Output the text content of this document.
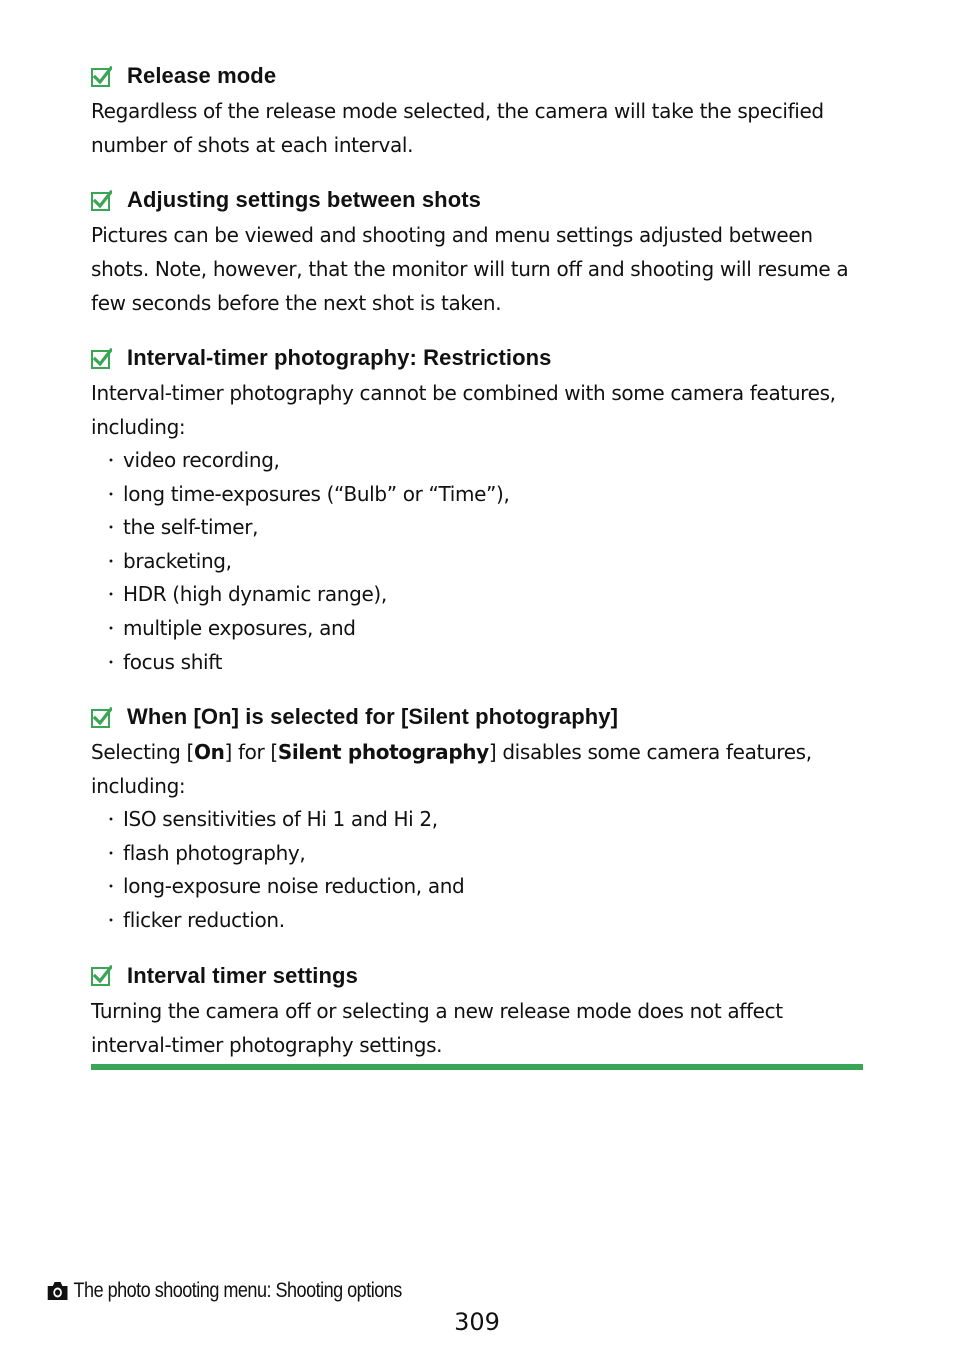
Release mode

Regardless of the release mode selected, the camera will take the specified number of shots at each interval.

Adjusting settings between shots

Pictures can be viewed and shooting and menu settings adjusted between shots. Note, however, that the monitor will turn off and shooting will resume a few seconds before the next shot is taken.

Interval-timer photography: Restrictions

Interval-timer photography cannot be combined with some camera features, including:

・ video recording,
・ long time-exposures (“Bulb” or “Time”),
・ the self-timer,
・ bracketing,
・ HDR (high dynamic range),
・ multiple exposures, and
・ focus shift
When [On] is selected for [Silent photography]

Selecting [On] for [Silent photography] disables some camera features, including:

・ ISO sensitivities of Hi 1 and Hi 2,
・ flash photography,
・ long-exposure noise reduction, and
・ flicker reduction.
Interval timer settings

Turning the camera off or selecting a new release mode does not affect interval-timer photography settings.

The photo shooting menu: Shooting options
309
